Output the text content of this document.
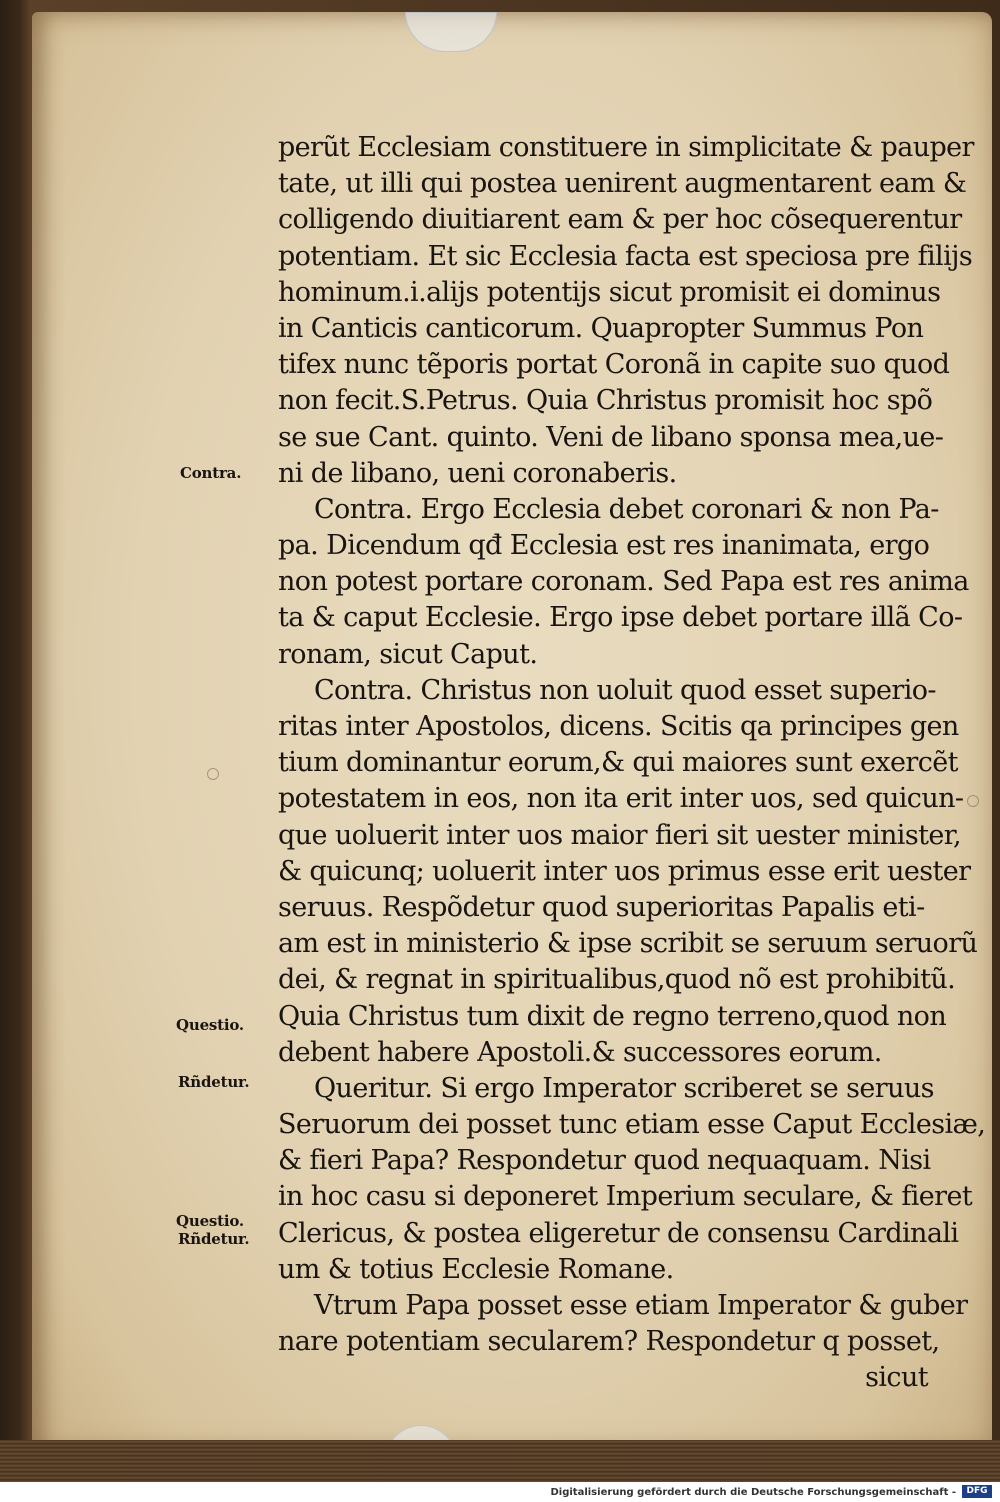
perũt Ecclesiam constituere in simplicitate & pauper
tate, ut illi qui postea uenirent augmentarent eam &
colligendo diuitiarent eam & per hoc cõsequerentur
potentiam. Et sic Ecclesia facta est speciosa pre filijs
hominum.i.alijs potentijs sicut promisit ei dominus
in Canticis canticorum. Quapropter Summus Pon
tifex nunc tẽporis portat Coronã in capite suo quod
non fecit.S.Petrus. Quia Christus promisit hoc spõ
se sue Cant. quinto. Veni de libano sponsa mea,ue-
ni de libano, ueni coronaberis.
Contra. Ergo Ecclesia debet coronari & non Pa-
pa. Dicendum qđ Ecclesia est res inanimata, ergo
non potest portare coronam. Sed Papa est res anima
ta & caput Ecclesie. Ergo ipse debet portare illã Co-
ronam, sicut Caput.
Contra. Christus non uoluit quod esset superio-
ritas inter Apostolos, dicens. Scitis qa principes gen
tium dominantur eorum,& qui maiores sunt exercẽt
potestatem in eos, non ita erit inter uos, sed quicun-
que uoluerit inter uos maior fieri sit uester minister,
& quicunq; uoluerit inter uos primus esse erit uester
seruus. Respõdetur quod superioritas Papalis eti-
am est in ministerio & ipse scribit se seruum seruorũ
dei, & regnat in spiritualibus,quod nõ est prohibitũ.
Quia Christus tum dixit de regno terreno,quod non
debent habere Apostoli.& successores eorum.
Queritur. Si ergo Imperator scriberet se seruus
Seruorum dei posset tunc etiam esse Caput Ecclesiæ,
& fieri Papa? Respondetur quod nequaquam. Nisi
in hoc casu si deponeret Imperium seculare, & fieret
Clericus, & postea eligeretur de consensu Cardinali
um & totius Ecclesie Romane.
Vtrum Papa posset esse etiam Imperator & guber
nare potentiam secularem? Respondetur q posset,
sicut
Contra.
Questio.
Rñdetur.
Questio.
Rñdetur.
Digitalisierung gefördert durch die Deutsche Forschungsgemeinschaft -	DFG
